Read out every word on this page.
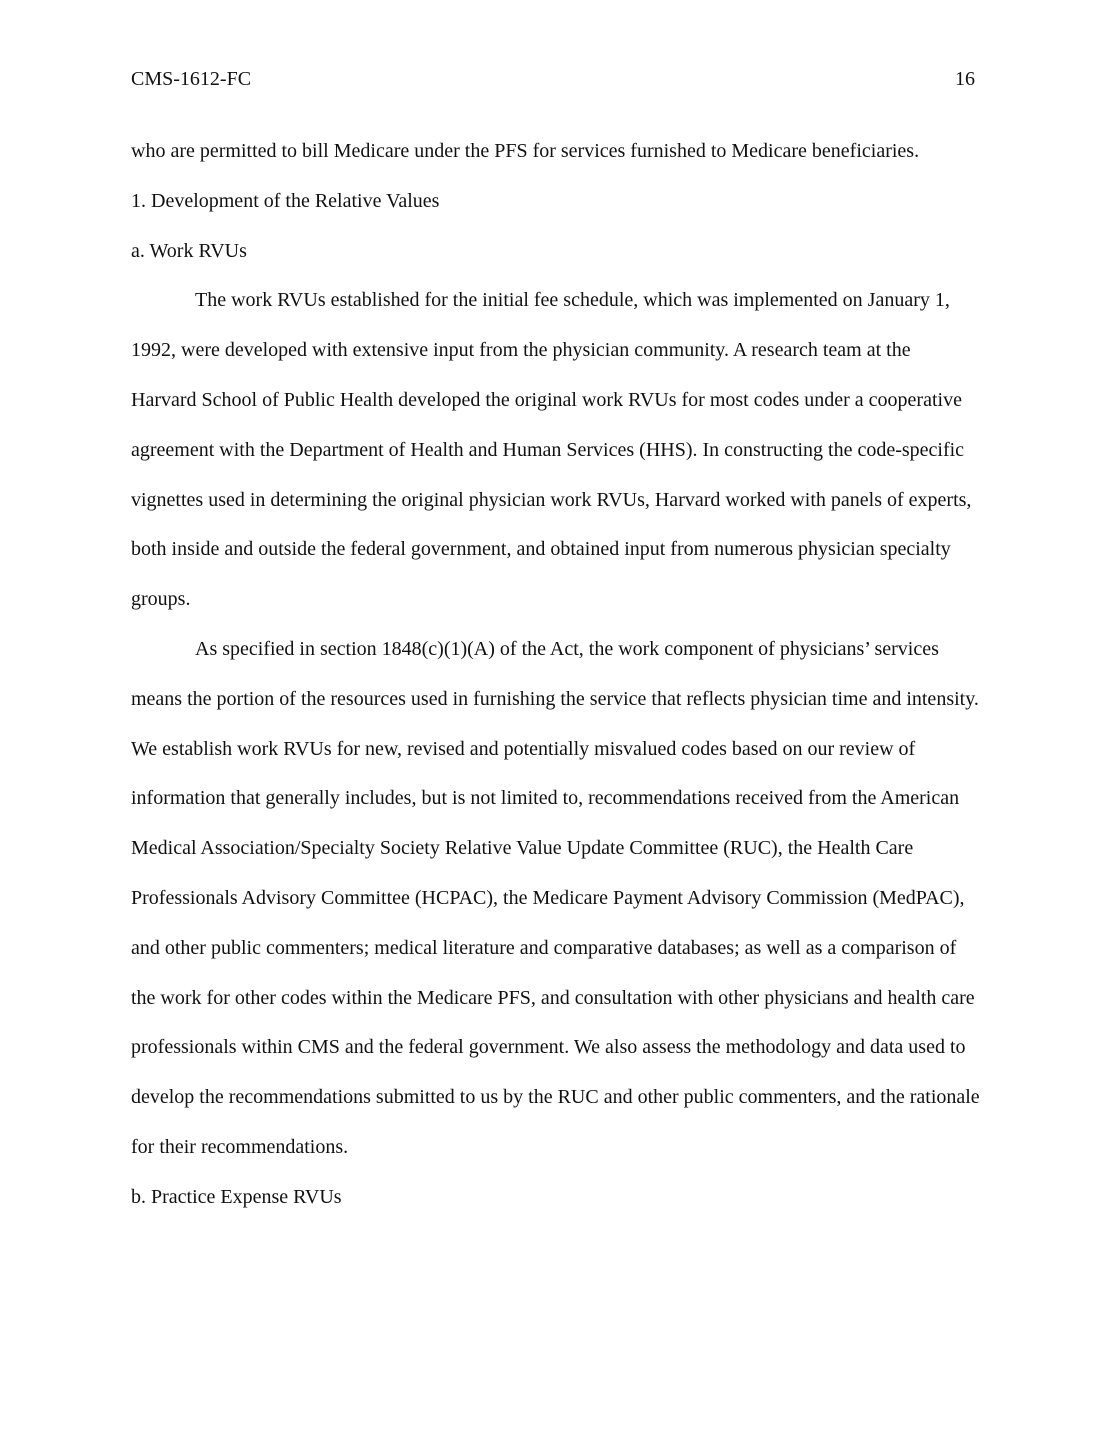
CMS-1612-FC	16

who are permitted to bill Medicare under the PFS for services furnished to Medicare beneficiaries.

1. Development of the Relative Values

a. Work RVUs

The work RVUs established for the initial fee schedule, which was implemented on January 1, 1992, were developed with extensive input from the physician community. A research team at the Harvard School of Public Health developed the original work RVUs for most codes under a cooperative agreement with the Department of Health and Human Services (HHS). In constructing the code-specific vignettes used in determining the original physician work RVUs, Harvard worked with panels of experts, both inside and outside the federal government, and obtained input from numerous physician specialty groups.

As specified in section 1848(c)(1)(A) of the Act, the work component of physicians’ services means the portion of the resources used in furnishing the service that reflects physician time and intensity. We establish work RVUs for new, revised and potentially misvalued codes based on our review of information that generally includes, but is not limited to, recommendations received from the American Medical Association/Specialty Society Relative Value Update Committee (RUC), the Health Care Professionals Advisory Committee (HCPAC), the Medicare Payment Advisory Commission (MedPAC), and other public commenters; medical literature and comparative databases; as well as a comparison of the work for other codes within the Medicare PFS, and consultation with other physicians and health care professionals within CMS and the federal government. We also assess the methodology and data used to develop the recommendations submitted to us by the RUC and other public commenters, and the rationale for their recommendations.

b. Practice Expense RVUs
